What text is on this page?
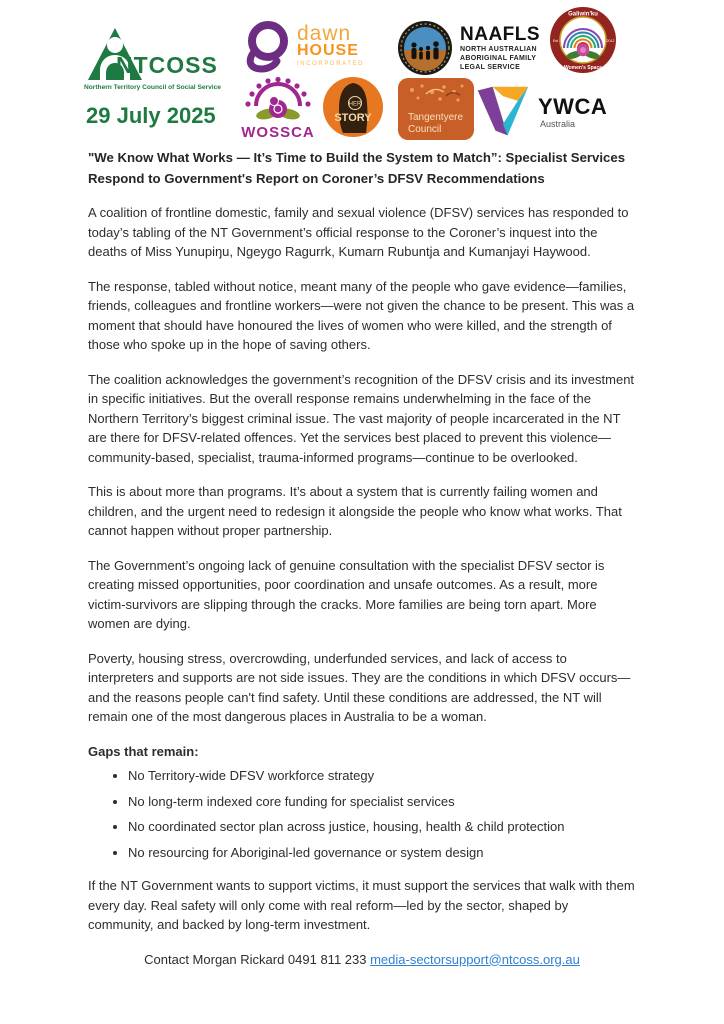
NTCOSS
Northern Territory Council of Social Service
29 July 2025
dawn
HOUSE
INCORPORATED
NAAFLS
NORTH AUSTRALIAN
ABORIGINAL FAMILY
LEGAL SERVICE
Galiwin'ku
Est	2012
Women's Space
WOSSCA
HER
STORY	Tangentyere
Council
YWCA
Australia
"We Know What Works — It’s Time to Build the System to Match”: Specialist Services Respond to Government's Report on Coroner’s DFSV Recommendations

A coalition of frontline domestic, family and sexual violence (DFSV) services has responded to today’s tabling of the NT Government’s official response to the Coroner’s inquest into the deaths of Miss Yunupiŋu, Ngeygo Ragurrk, Kumarn Rubuntja and Kumanjayi Haywood.

The response, tabled without notice, meant many of the people who gave evidence—families, friends, colleagues and frontline workers—were not given the chance to be present. This was a moment that should have honoured the lives of women who were killed, and the strength of those who spoke up in the hope of saving others.

The coalition acknowledges the government’s recognition of the DFSV crisis and its investment in specific initiatives. But the overall response remains underwhelming in the face of the Northern Territory’s biggest criminal issue. The vast majority of people incarcerated in the NT are there for DFSV-related offences. Yet the services best placed to prevent this violence—community-based, specialist, trauma-informed programs—continue to be overlooked.

This is about more than programs. It’s about a system that is currently failing women and children, and the urgent need to redesign it alongside the people who know what works. That cannot happen without proper partnership.

The Government’s ongoing lack of genuine consultation with the specialist DFSV sector is creating missed opportunities, poor coordination and unsafe outcomes. As a result, more victim-survivors are slipping through the cracks. More families are being torn apart. More women are dying.

Poverty, housing stress, overcrowding, underfunded services, and lack of access to interpreters and supports are not side issues. They are the conditions in which DFSV occurs—and the reasons people can't find safety. Until these conditions are addressed, the NT will remain one of the most dangerous places in Australia to be a woman.

Gaps that remain:

• No Territory-wide DFSV workforce strategy
• No long-term indexed core funding for specialist services
• No coordinated sector plan across justice, housing, health & child protection
• No resourcing for Aboriginal-led governance or system design

If the NT Government wants to support victims, it must support the services that walk with them every day. Real safety will only come with real reform—led by the sector, shaped by community, and backed by long-term investment.

Contact Morgan Rickard 0491 811 233 media-sectorsupport@ntcoss.org.au
